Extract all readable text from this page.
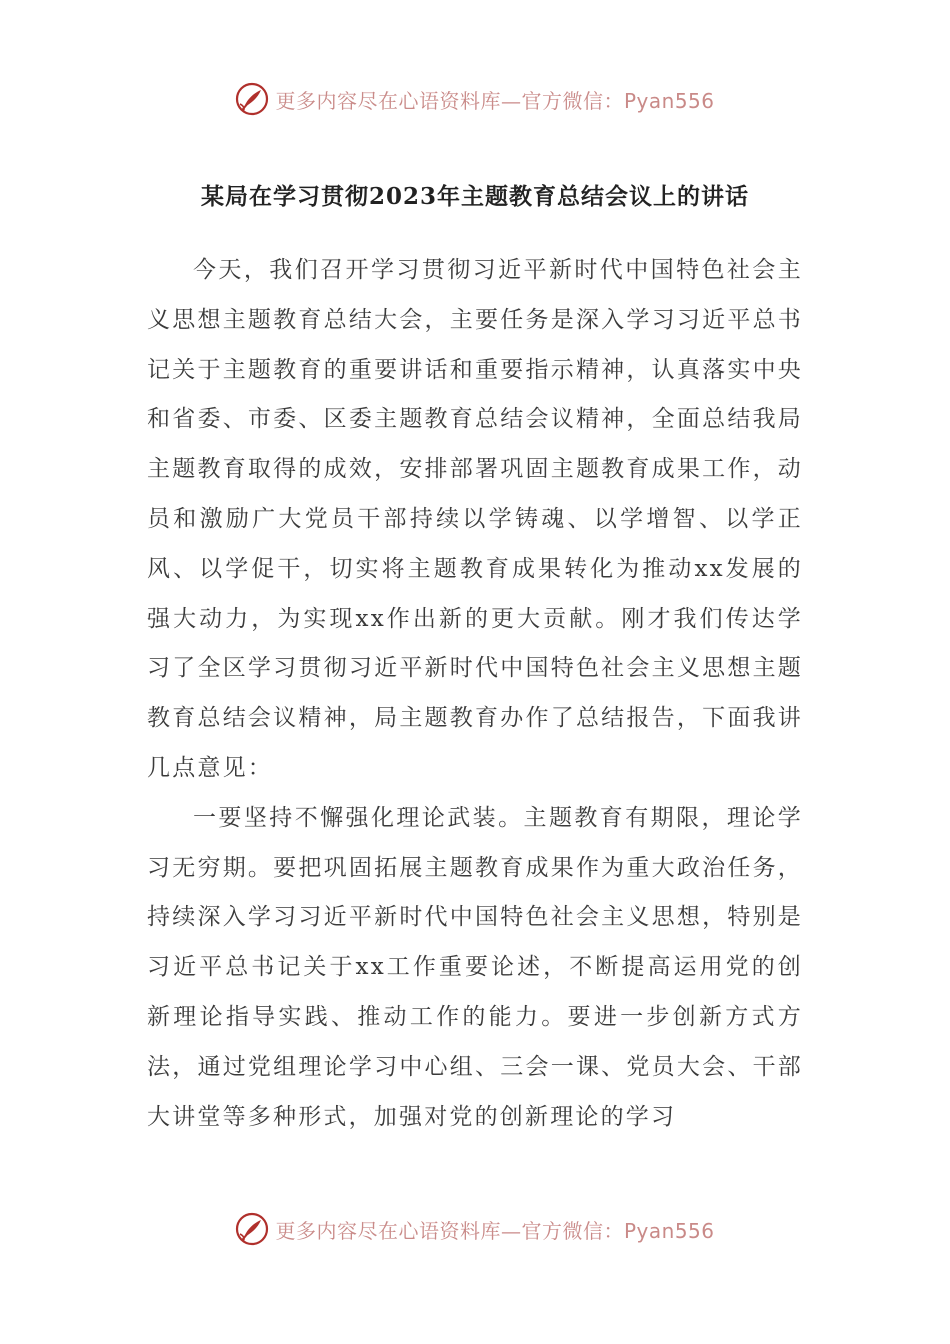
更多内容尽在心语资料库—官方微信：Pyan556
某局在学习贯彻2023年主题教育总结会议上的讲话

今天，我们召开学习贯彻习近平新时代中国特色社会主义思想主题教育总结大会，主要任务是深入学习习近平总书记关于主题教育的重要讲话和重要指示精神，认真落实中央和省委、市委、区委主题教育总结会议精神，全面总结我局主题教育取得的成效，安排部署巩固主题教育成果工作，动员和激励广大党员干部持续以学铸魂、以学增智、以学正风、以学促干，切实将主题教育成果转化为推动xx发展的强大动力，为实现xx作出新的更大贡献。刚才我们传达学习了全区学习贯彻习近平新时代中国特色社会主义思想主题教育总结会议精神，局主题教育办作了总结报告，下面我讲几点意见：

一要坚持不懈强化理论武装。主题教育有期限，理论学习无穷期。要把巩固拓展主题教育成果作为重大政治任务，持续深入学习习近平新时代中国特色社会主义思想，特别是习近平总书记关于xx工作重要论述，不断提高运用党的创新理论指导实践、推动工作的能力。要进一步创新方式方法，通过党组理论学习中心组、三会一课、党员大会、干部大讲堂等多种形式，加强对党的创新理论的学习

更多内容尽在心语资料库—官方微信：Pyan556
